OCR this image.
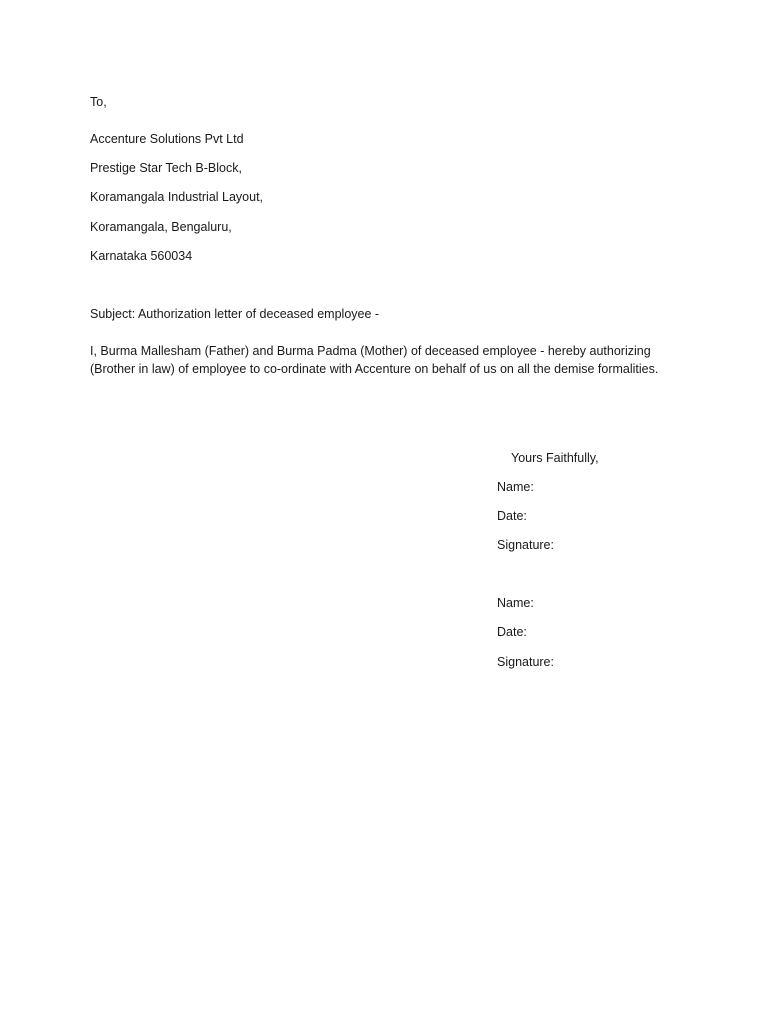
To,
Accenture Solutions Pvt Ltd
Prestige Star Tech B-Block,
Koramangala Industrial Layout,
Koramangala, Bengaluru,
Karnataka 560034
Subject: Authorization letter of deceased employee -
I, Burma Mallesham (Father) and Burma Padma (Mother) of deceased employee - hereby authorizing
(Brother in law) of employee to co-ordinate with Accenture on behalf of us on all the demise formalities.
Yours Faithfully,
Name:
Date:
Signature:
Name:
Date:
Signature:
